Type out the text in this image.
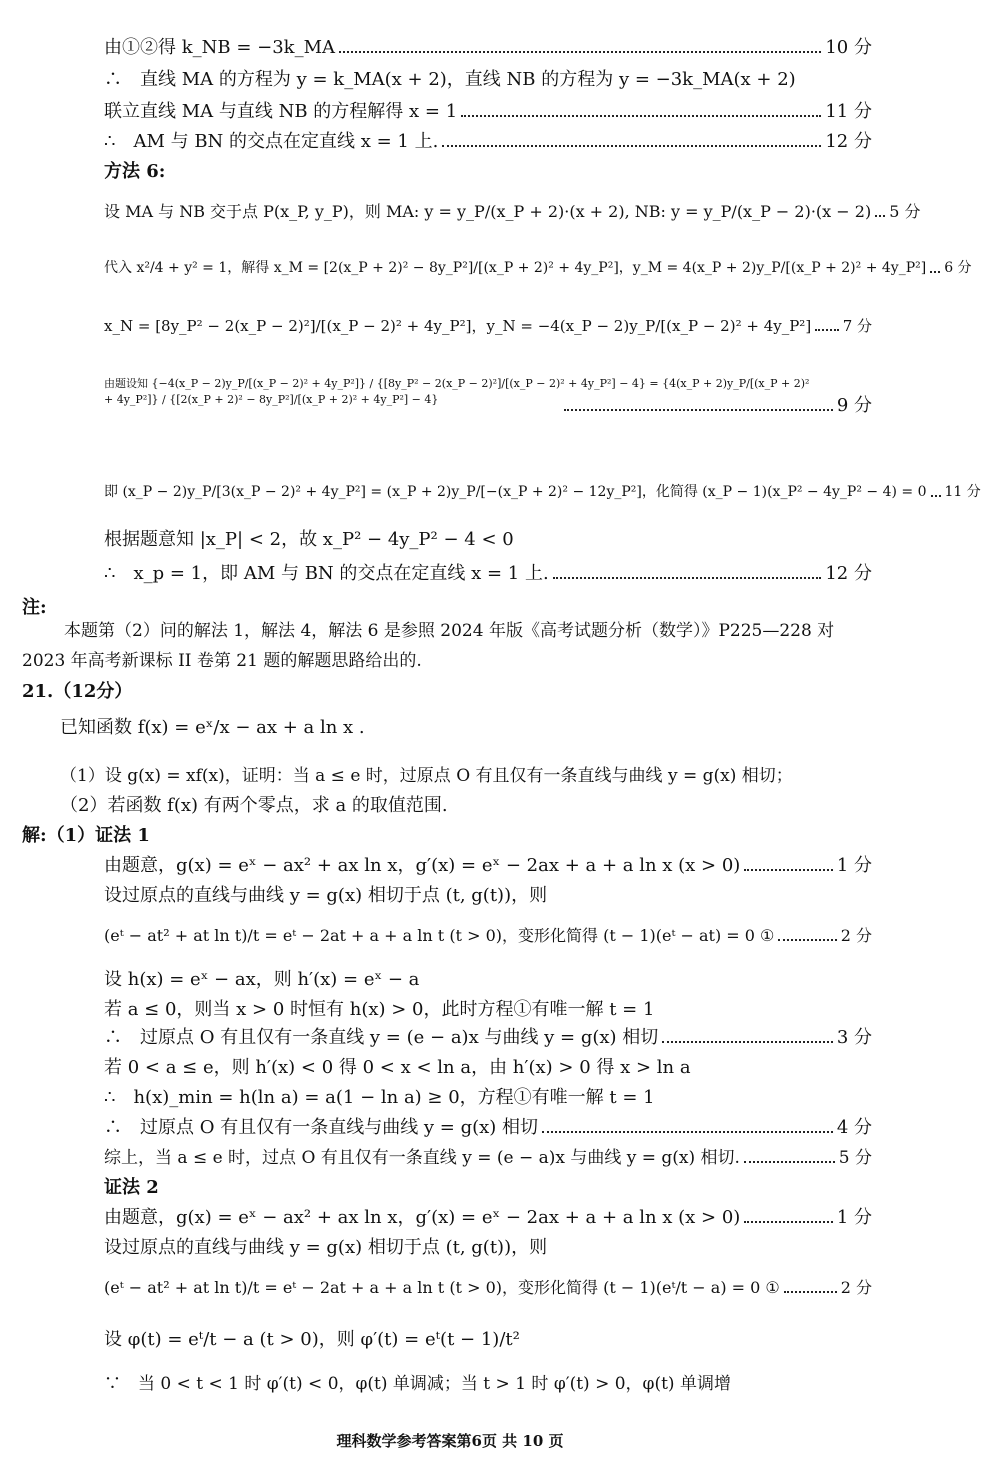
由①②得 k_NB = −3k_MA	10 分
∴　直线 MA 的方程为 y = k_MA(x + 2)，直线 NB 的方程为 y = −3k_MA(x + 2)
联立直线 MA 与直线 NB 的方程解得 x = 1	11 分
∴　AM 与 BN 的交点在定直线 x = 1 上.	12 分
方法 6:
设 MA 与 NB 交于点 P(x_P, y_P)，则 MA: y = y_P/(x_P + 2)·(x + 2), NB: y = y_P/(x_P − 2)·(x − 2) 5 分
代入 x²/4 + y² = 1，解得 x_M = [2(x_P + 2)² − 8y_P²]/[(x_P + 2)² + 4y_P²]，y_M = 4(x_P + 2)y_P/[(x_P + 2)² + 4y_P²] 6 分
x_N = [8y_P² − 2(x_P − 2)²]/[(x_P − 2)² + 4y_P²]，y_N = −4(x_P − 2)y_P/[(x_P − 2)² + 4y_P²] 7 分
由题设知 {−4(x_P − 2)y_P/[(x_P − 2)² + 4y_P²]} / {[8y_P² − 2(x_P − 2)²]/[(x_P − 2)² + 4y_P²] − 4} = {4(x_P + 2)y_P/[(x_P + 2)² + 4y_P²]} / {[2(x_P + 2)² − 8y_P²]/[(x_P + 2)² + 4y_P²] − 4}	9 分
即 (x_P − 2)y_P/[3(x_P − 2)² + 4y_P²] = (x_P + 2)y_P/[−(x_P + 2)² − 12y_P²]，化简得 (x_P − 1)(x_P² − 4y_P² − 4) = 0 11 分
根据题意知 |x_P| < 2，故 x_P² − 4y_P² − 4 < 0
∴　x_p = 1，即 AM 与 BN 的交点在定直线 x = 1 上.	12 分
注:
本题第（2）问的解法 1，解法 4，解法 6 是参照 2024 年版《高考试题分析（数学）》P225—228 对 2023 年高考新课标 II 卷第 21 题的解题思路给出的.
21.（12分）
已知函数 f(x) = eˣ/x − ax + a ln x .
（1）设 g(x) = xf(x)，证明：当 a ≤ e 时，过原点 O 有且仅有一条直线与曲线 y = g(x) 相切；
（2）若函数 f(x) 有两个零点，求 a 的取值范围.
解:（1）证法 1
由题意，g(x) = eˣ − ax² + ax ln x，g′(x) = eˣ − 2ax + a + a ln x (x > 0)	1 分
设过原点的直线与曲线 y = g(x) 相切于点 (t, g(t))，则
(eᵗ − at² + at ln t)/t = eᵗ − 2at + a + a ln t (t > 0)，变形化简得 (t − 1)(eᵗ − at) = 0 ①	2 分
设 h(x) = eˣ − ax，则 h′(x) = eˣ − a
若 a ≤ 0，则当 x > 0 时恒有 h(x) > 0，此时方程①有唯一解 t = 1
∴　过原点 O 有且仅有一条直线 y = (e − a)x 与曲线 y = g(x) 相切	3 分
若 0 < a ≤ e，则 h′(x) < 0 得 0 < x < ln a，由 h′(x) > 0 得 x > ln a
∴　h(x)_min = h(ln a) = a(1 − ln a) ≥ 0，方程①有唯一解 t = 1
∴　过原点 O 有且仅有一条直线与曲线 y = g(x) 相切	4 分
综上，当 a ≤ e 时，过点 O 有且仅有一条直线 y = (e − a)x 与曲线 y = g(x) 相切.	5 分
证法 2
由题意，g(x) = eˣ − ax² + ax ln x，g′(x) = eˣ − 2ax + a + a ln x (x > 0)	1 分
设过原点的直线与曲线 y = g(x) 相切于点 (t, g(t))，则
(eᵗ − at² + at ln t)/t = eᵗ − 2at + a + a ln t (t > 0)，变形化简得 (t − 1)(eᵗ/t − a) = 0 ①	2 分
设 φ(t) = eᵗ/t − a (t > 0)，则 φ′(t) = eᵗ(t − 1)/t²
∵　当 0 < t < 1 时 φ′(t) < 0，φ(t) 单调减；当 t > 1 时 φ′(t) > 0，φ(t) 单调增
理科数学参考答案第6页 共 10 页
